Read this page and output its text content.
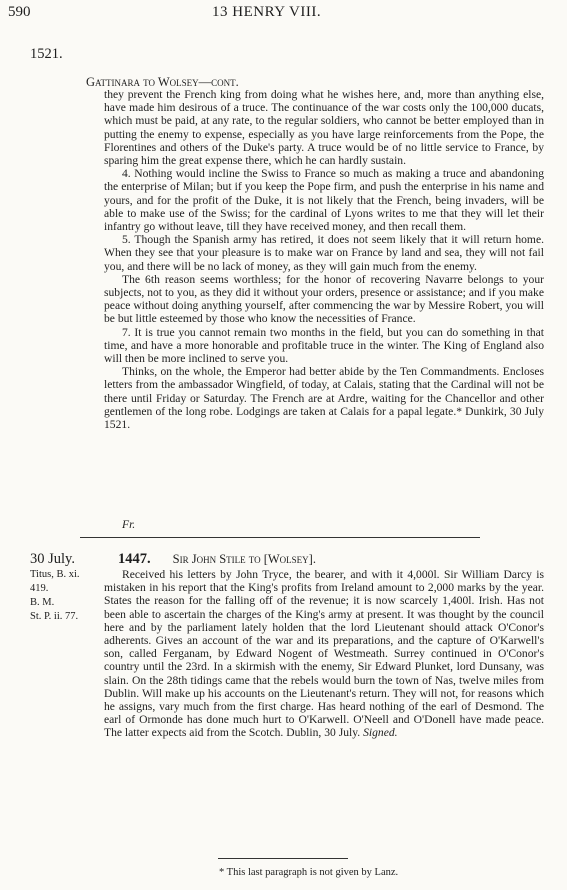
590	13 HENRY VIII.
1521.
Gattinara to Wolsey—cont.

they prevent the French king from doing what he wishes here, and, more than anything else, have made him desirous of a truce. The continuance of the war costs only the 100,000 ducats, which must be paid, at any rate, to the regular soldiers, who cannot be better employed than in putting the enemy to expense, especially as you have large reinforcements from the Pope, the Florentines and others of the Duke's party. A truce would be of no little service to France, by sparing him the great expense there, which he can hardly sustain.

4. Nothing would incline the Swiss to France so much as making a truce and abandoning the enterprise of Milan; but if you keep the Pope firm, and push the enterprise in his name and yours, and for the profit of the Duke, it is not likely that the French, being invaders, will be able to make use of the Swiss; for the cardinal of Lyons writes to me that they will let their infantry go without leave, till they have received money, and then recall them.

5. Though the Spanish army has retired, it does not seem likely that it will return home. When they see that your pleasure is to make war on France by land and sea, they will not fail you, and there will be no lack of money, as they will gain much from the enemy.

The 6th reason seems worthless; for the honor of recovering Navarre belongs to your subjects, not to you, as they did it without your orders, presence or assistance; and if you make peace without doing anything yourself, after commencing the war by Messire Robert, you will be but little esteemed by those who know the necessities of France.

7. It is true you cannot remain two months in the field, but you can do something in that time, and have a more honorable and profitable truce in the winter. The King of England also will then be more inclined to serve you.

Thinks, on the whole, the Emperor had better abide by the Ten Commandments. Encloses letters from the ambassador Wingfield, of today, at Calais, stating that the Cardinal will not be there until Friday or Saturday. The French are at Ardre, waiting for the Chancellor and other gentlemen of the long robe. Lodgings are taken at Calais for a papal legate.* Dunkirk, 30 July 1521.

Fr.
30 July.
Titus, B. xi.
419.
B. M.
St. P. ii. 77.
1447. Sir John Stile to [Wolsey].

Received his letters by John Tryce, the bearer, and with it 4,000l. Sir William Darcy is mistaken in his report that the King's profits from Ireland amount to 2,000 marks by the year. States the reason for the falling off of the revenue; it is now scarcely 1,400l. Irish. Has not been able to ascertain the charges of the King's army at present. It was thought by the council here and by the parliament lately holden that the lord Lieutenant should attack O'Conor's adherents. Gives an account of the war and its preparations, and the capture of O'Karwell's son, called Ferganam, by Edward Nogent of Westmeath. Surrey continued in O'Conor's country until the 23rd. In a skirmish with the enemy, Sir Edward Plunket, lord Dunsany, was slain. On the 28th tidings came that the rebels would burn the town of Nas, twelve miles from Dublin. Will make up his accounts on the Lieutenant's return. They will not, for reasons which he assigns, vary much from the first charge. Has heard nothing of the earl of Desmond. The earl of Ormonde has done much hurt to O'Karwell. O'Neell and O'Donell have made peace. The latter expects aid from the Scotch. Dublin, 30 July. Signed.

* This last paragraph is not given by Lanz.
